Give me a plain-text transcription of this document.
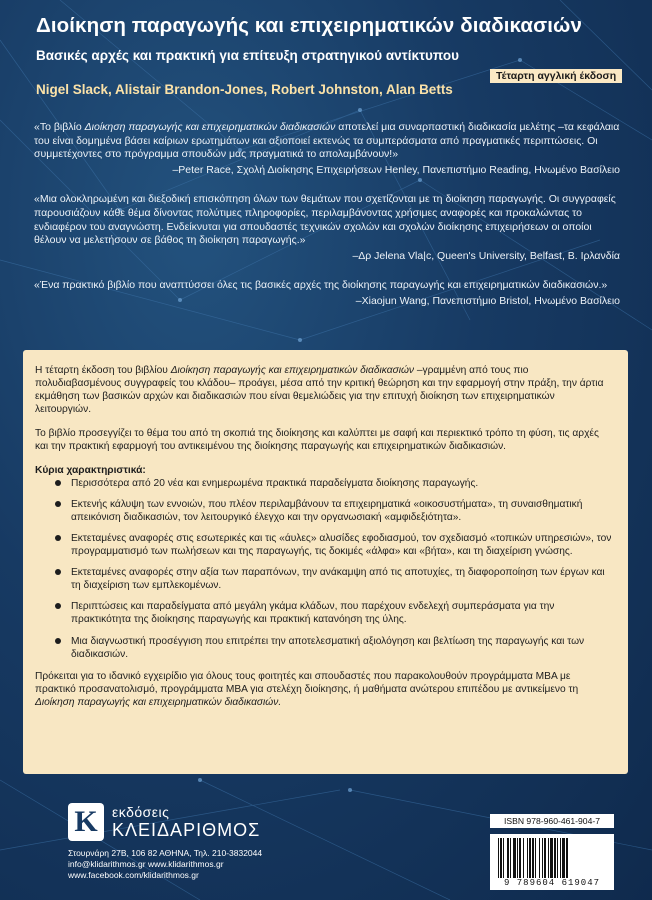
Διοίκηση παραγωγής και επιχειρηματικών διαδικασιών
Βασικές αρχές και πρακτική για επίτευξη στρατηγικού αντίκτυπου
Τέταρτη αγγλική έκδοση
Nigel Slack, Alistair Brandon-Jones, Robert Johnston, Alan Betts

«Το βιβλίο Διοίκηση παραγωγής και επιχειρηματικών διαδικασιών αποτελεί μια συναρπαστική διαδικασία μελέτης –τα κεφάλαια του είναι δομημένα βάσει καίριων ερωτημάτων και αξιοποιεί εκτενώς τα συμπεράσματα από πραγματικές περιπτώσεις. Οι συμμετέχοντες στο πρόγραμμα σπουδών μας πραγματικά το απολαμβάνουν!»

–Peter Race, Σχολή Διοίκησης Επιχειρήσεων Henley, Πανεπιστήμιο Reading, Ηνωμένο Βασίλειο

«Μια ολοκληρωμένη και διεξοδική επισκόπηση όλων των θεμάτων που σχετίζονται με τη διοίκηση παραγωγής. Οι συγγραφείς παρουσιάζουν κάθε θέμα δίνοντας πολύτιμες πληροφορίες, περιλαμβάνοντας χρήσιμες αναφορές και προκαλώντας το ενδιαφέρον του αναγνώστη. Ενδείκνυται για σπουδαστές τεχνικών σχολών και σχολών διοίκησης επιχειρήσεων οι οποίοι θέλουν να μελετήσουν σε βάθος τη διοίκηση παραγωγής.»

–Δρ Jelena Vla|c, Queen's University, Belfast, Β. Ιρλανδία

«Ένα πρακτικό βιβλίο που αναπτύσσει όλες τις βασικές αρχές της διοίκησης παραγωγής και επιχειρηματικών διαδικασιών.»

–Xiaojun Wang, Πανεπιστήμιο Bristol, Ηνωμένο Βασίλειο

Η τέταρτη έκδοση του βιβλίου Διοίκηση παραγωγής και επιχειρηματικών διαδικασιών –γραμμένη από τους πιο πολυδιαβασμένους συγγραφείς του κλάδου– προάγει, μέσα από την κριτική θεώρηση και την εφαρμογή στην πράξη, την άρτια εκμάθηση των βασικών αρχών και διαδικασιών που είναι θεμελιώδεις για την επιτυχή διοίκηση των επιχειρηματικών λειτουργιών.

Το βιβλίο προσεγγίζει το θέμα του από τη σκοπιά της διοίκησης και καλύπτει με σαφή και περιεκτικό τρόπο τη φύση, τις αρχές και την πρακτική εφαρμογή του αντικειμένου της διοίκησης παραγωγής και επιχειρηματικών διαδικασιών.

Κύρια χαρακτηριστικά:

Περισσότερα από 20 νέα και ενημερωμένα πρακτικά παραδείγματα διοίκησης παραγωγής.
Εκτενής κάλυψη των εννοιών, που πλέον περιλαμβάνουν τα επιχειρηματικά «οικοσυστήματα», τη συναισθηματική απεικόνιση διαδικασιών, τον λειτουργικό έλεγχο και την οργανωσιακή «αμφιδεξιότητα».
Εκτεταμένες αναφορές στις εσωτερικές και τις «άυλες» αλυσίδες εφοδιασμού, τον σχεδιασμό «τοπικών υπηρεσιών», τον προγραμματισμό των πωλήσεων και της παραγωγής, τις δοκιμές «άλφα» και «βήτα», και τη διαχείριση γνώσης.
Εκτεταμένες αναφορές στην αξία των παραπόνων, την ανάκαμψη από τις αποτυχίες, τη διαφοροποίηση των έργων και τη διαχείριση των εμπλεκομένων.
Περιπτώσεις και παραδείγματα από μεγάλη γκάμα κλάδων, που παρέχουν ενδελεχή συμπεράσματα για την πρακτικότητα της διοίκησης παραγωγής και πρακτική κατανόηση της ύλης.
Μια διαγνωστική προσέγγιση που επιτρέπει την αποτελεσματική αξιολόγηση και βελτίωση της παραγωγής και των διαδικασιών.

Πρόκειται για το ιδανικό εγχειρίδιο για όλους τους φοιτητές και σπουδαστές που παρακολουθούν προγράμματα MBA με πρακτικό προσανατολισμό, προγράμματα MBA για στελέχη διοίκησης, ή μαθήματα ανώτερου επιπέδου με αντικείμενο τη Διοίκηση παραγωγής και επιχειρηματικών διαδικασιών.

K εκδόσεις
ΚΛΕΙΔΑΡΙΘΜΟΣ
Στουρνάρη 27Β, 106 82 ΑΘΗΝΑ, Τηλ. 210-3832044
info@klidarithmos.gr www.klidarithmos.gr
www.facebook.com/klidarithmos.gr
ISBN 978-960-461-904-7
9 789604 619047
